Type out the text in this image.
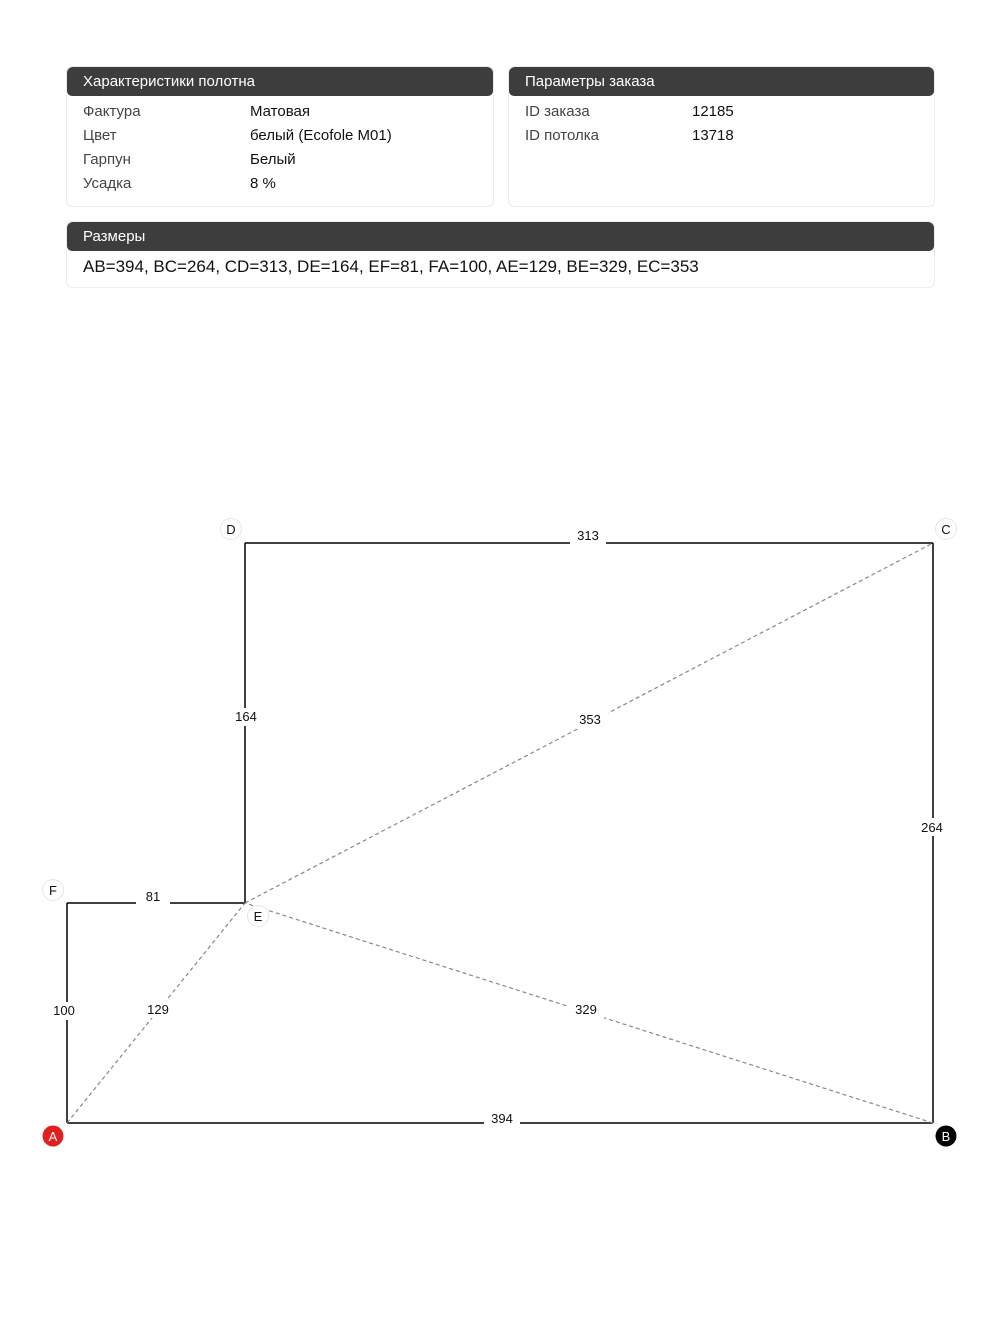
Характеристики полотна
Фактура	Матовая
Цвет	белый (Ecofole M01)
Гарпун	Белый
Усадка	8 %
Параметры заказа
ID заказа	12185
ID потолка	13718
Размеры
AB=394, BC=264, CD=313, DE=164, EF=81, FA=100, AE=129, BE=329, EC=353
394
264
313
164
81
100	129	329
353
A	B
C
D
E
F
